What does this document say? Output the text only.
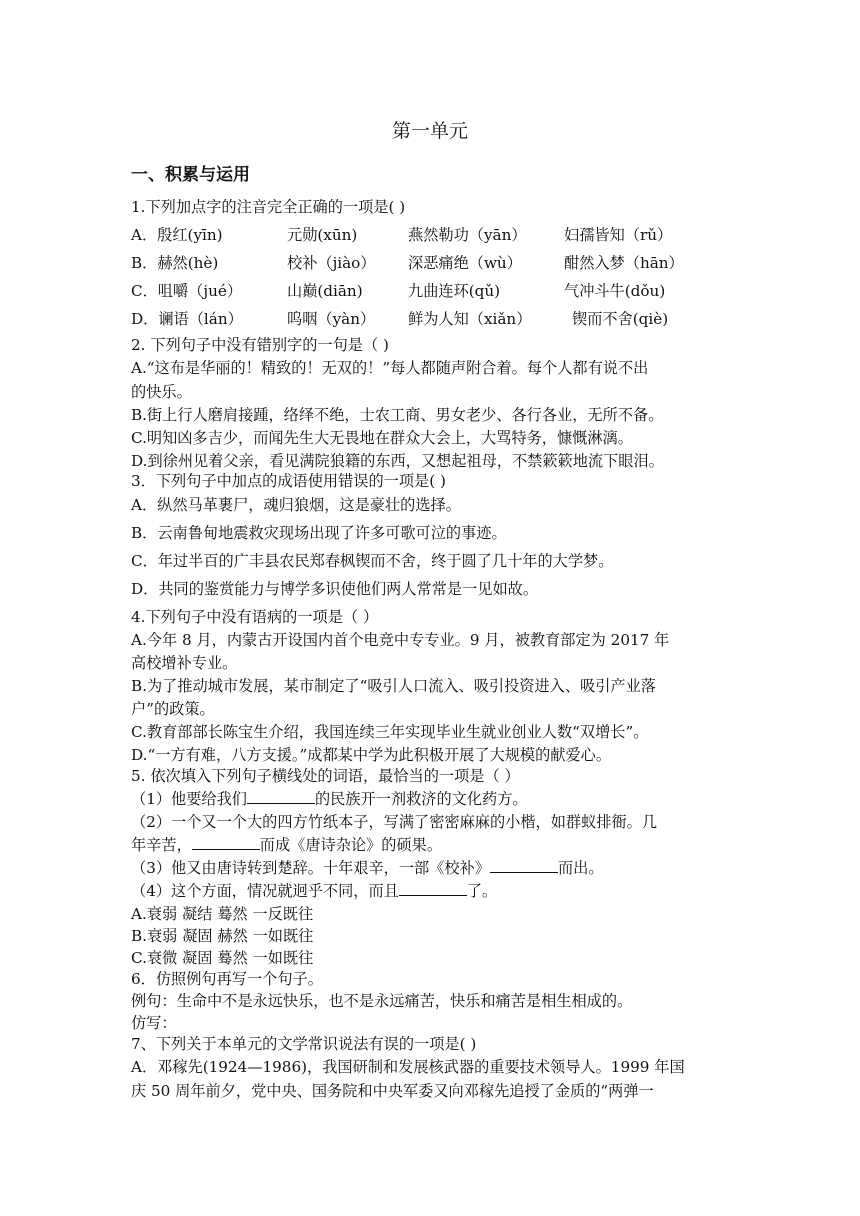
第一单元
一、积累与运用
1.下列加点字的注音完全正确的一项是( )
A．殷红(yīn)	元勋(xūn)	燕然勒功（yān） 妇孺皆知（rǔ）
B．赫然(hè)	校补（jiào） 深恶痛绝（wù）	酣然入梦（hān）
C．咀嚼（jué）	山巅(diān)	九曲连环(qǔ)	气冲斗牛(dǒu)
D．谰语（lán）	呜咽（yàn） 鲜为人知（xiǎn）	锲而不舍(qiè)
2. 下列句子中没有错别字的一句是（ )
A.“这布是华丽的！精致的！无双的！”每人都随声附合着。每个人都有说不出
的快乐。
B.街上行人磨肩接踵，络绎不绝，士农工商、男女老少、各行各业，无所不备。
C.明知凶多吉少，而闻先生大无畏地在群众大会上，大骂特务，慷慨淋漓。
D.到徐州见着父亲，看见满院狼籍的东西，又想起祖母，不禁簌簌地流下眼泪。
3．下列句子中加点的成语使用错误的一项是( )
A．纵然马革裹尸，魂归狼烟，这是豪壮的选择。
B．云南鲁甸地震救灾现场出现了许多可歌可泣的事迹。
C．年过半百的广丰县农民郑春枫锲而不舍，终于圆了几十年的大学梦。
D．共同的鉴赏能力与博学多识使他们两人常常是一见如故。
4.下列句子中没有语病的一项是（ ）
A.今年 8 月，内蒙古开设国内首个电竞中专专业。9 月，被教育部定为 2017 年
高校增补专业。
B.为了推动城市发展，某市制定了“吸引人口流入、吸引投资进入、吸引产业落
户”的政策。
C.教育部部长陈宝生介绍，我国连续三年实现毕业生就业创业人数“双增长”。
D.“一方有难，八方支援。”成都某中学为此积极开展了大规模的献爱心。
5. 依次填入下列句子横线处的词语，最恰当的一项是（ ）
（1）他要给我们	的民族开一剂救济的文化药方。
（2）一个又一个大的四方竹纸本子，写满了密密麻麻的小楷，如群蚁排衙。几
年辛苦，	而成《唐诗杂论》的硕果。
（3）他又由唐诗转到楚辞。十年艰辛，一部《校补》	而出。
（4）这个方面，情况就迥乎不同，而且	了。
A.衰弱 凝结 蓦然 一反既往
B.衰弱 凝固 赫然 一如既往
C.衰微 凝固 蓦然 一如既往
6．仿照例句再写一个句子。
例句：生命中不是永远快乐，也不是永远痛苦，快乐和痛苦是相生相成的。
仿写：
7、下列关于本单元的文学常识说法有误的一项是( )
A．邓稼先(1924—1986)，我国研制和发展核武器的重要技术领导人。1999 年国
庆 50 周年前夕，党中央、国务院和中央军委又向邓稼先追授了金质的“两弹一
